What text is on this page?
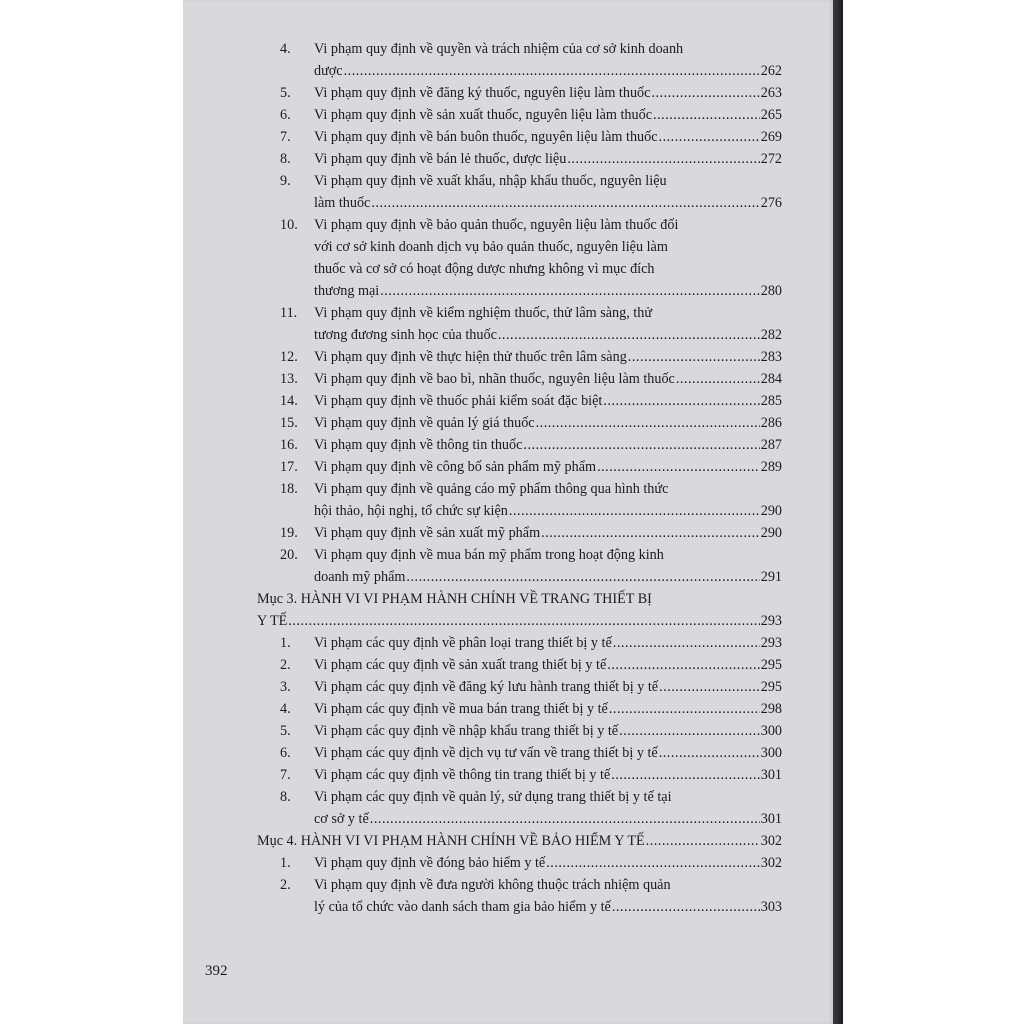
4.	Vi phạm quy định về quyền và trách nhiệm của cơ sở kinh doanh
dược .....	262
5.	Vi phạm quy định về đăng ký thuốc, nguyên liệu làm thuốc .....	263
6.	Vi phạm quy định về sản xuất thuốc, nguyên liệu làm thuốc .....	265
7.	Vi phạm quy định về bán buôn thuốc, nguyên liệu làm thuốc .....	269
8.	Vi phạm quy định về bán lẻ thuốc, dược liệu .....	272
9.	Vi phạm quy định về xuất khẩu, nhập khẩu thuốc, nguyên liệu
làm thuốc .....	276
10.	Vi phạm quy định về bảo quản thuốc, nguyên liệu làm thuốc đối
với cơ sở kinh doanh dịch vụ bảo quản thuốc, nguyên liệu làm
thuốc và cơ sở có hoạt động dược nhưng không vì mục đích
thương mại .....	280
11.	Vi phạm quy định về kiểm nghiệm thuốc, thử lâm sàng, thử
tương đương sinh học của thuốc .....	282
12.	Vi phạm quy định về thực hiện thử thuốc trên lâm sàng .....	283
13.	Vi phạm quy định về bao bì, nhãn thuốc, nguyên liệu làm thuốc .....	284
14.	Vi phạm quy định về thuốc phải kiểm soát đặc biệt .....	285
15.	Vi phạm quy định về quản lý giá thuốc .....	286
16.	Vi phạm quy định về thông tin thuốc .....	287
17.	Vi phạm quy định về công bố sản phẩm mỹ phẩm .....	289
18.	Vi phạm quy định về quảng cáo mỹ phẩm thông qua hình thức
hội thảo, hội nghị, tổ chức sự kiện .....	290
19.	Vi phạm quy định về sản xuất mỹ phẩm .....	290
20.	Vi phạm quy định về mua bán mỹ phẩm trong hoạt động kinh
doanh mỹ phẩm .....	291
Mục 3. HÀNH VI VI PHẠM HÀNH CHÍNH VỀ TRANG THIẾT BỊ
Y TẾ .....	293
1.	Vi phạm các quy định về phân loại trang thiết bị y tế .....	293
2.	Vi phạm các quy định về sản xuất trang thiết bị y tế .....	295
3.	Vi phạm các quy định về đăng ký lưu hành trang thiết bị y tế .....	295
4.	Vi phạm các quy định về mua bán trang thiết bị y tế .....	298
5.	Vi phạm các quy định về nhập khẩu trang thiết bị y tế .....	300
6.	Vi phạm các quy định về dịch vụ tư vấn về trang thiết bị y tế .....	300
7.	Vi phạm các quy định về thông tin trang thiết bị y tế .....	301
8.	Vi phạm các quy định về quản lý, sử dụng trang thiết bị y tế tại
cơ sở y tế .....	301
Mục 4. HÀNH VI VI PHẠM HÀNH CHÍNH VỀ BẢO HIỂM Y TẾ .....	302
1.	Vi phạm quy định về đóng bảo hiểm y tế .....	302
2.	Vi phạm quy định về đưa người không thuộc trách nhiệm quản
lý của tổ chức vào danh sách tham gia bảo hiểm y tế .....	303
392
